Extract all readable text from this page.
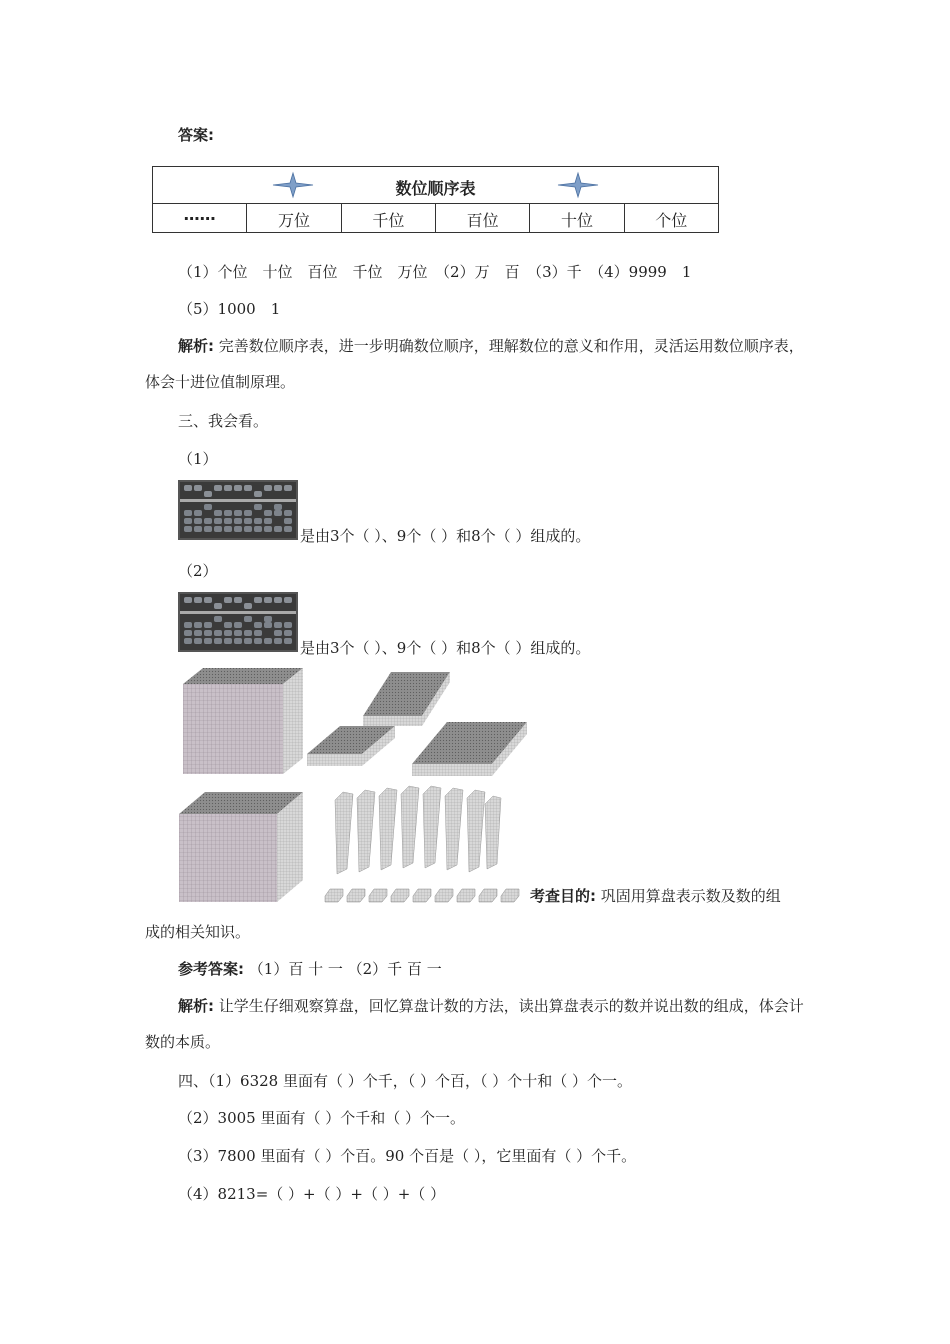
答案:
数位顺序表
……	万位	千位	百位	十位	个位
（1）个位　十位　百位　千位　万位　（2）万　百　（3）千　（4）9999　1
（5）1000　1
解析: 完善数位顺序表，进一步明确数位顺序，理解数位的意义和作用，灵活运用数位顺序表，体会十进位值制原理。
三、我会看。
（1）
是由3个（ ）、9个（ ）和8个（ ）组成的。
（2）
是由3个（ ）、9个（ ）和8个（ ）组成的。
考查目的: 巩固用算盘表示数及数的组
成的相关知识。
参考答案: （1）百 十 一 （2）千 百 一
解析: 让学生仔细观察算盘，回忆算盘计数的方法，读出算盘表示的数并说出数的组成，体会计数的本质。
四、（1）6328 里面有（ ）个千，（ ）个百，（ ）个十和（ ）个一。
（2）3005 里面有（ ）个千和（ ）个一。
（3）7800 里面有（ ）个百。90 个百是（ ），它里面有（ ）个千。
（4）8213=（ ）+（ ）+（ ）+（ ）
